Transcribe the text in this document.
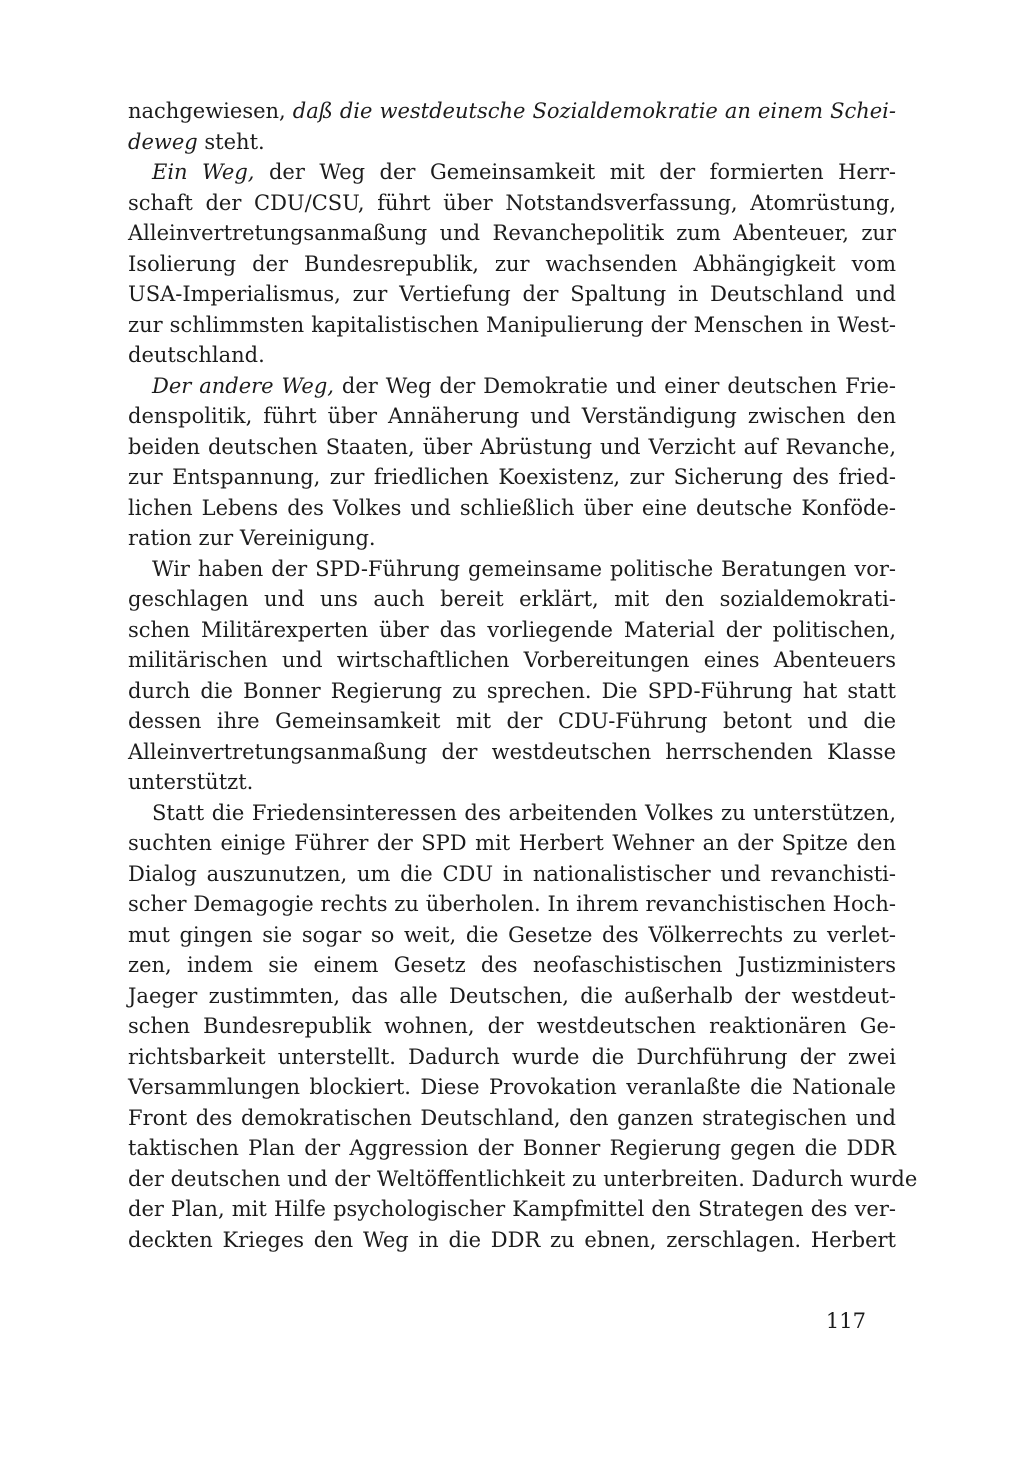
nachgewiesen, daß die westdeutsche Sozialdemokratie an einem Schei-
deweg steht.
Ein Weg, der Weg der Gemeinsamkeit mit der formierten Herr-
schaft der CDU/CSU, führt über Notstandsverfassung, Atomrüstung,
Alleinvertretungsanmaßung und Revanchepolitik zum Abenteuer, zur
Isolierung der Bundesrepublik, zur wachsenden Abhängigkeit vom
USA-Imperialismus, zur Vertiefung der Spaltung in Deutschland und
zur schlimmsten kapitalistischen Manipulierung der Menschen in West-
deutschland.
Der andere Weg, der Weg der Demokratie und einer deutschen Frie-
denspolitik, führt über Annäherung und Verständigung zwischen den
beiden deutschen Staaten, über Abrüstung und Verzicht auf Revanche,
zur Entspannung, zur friedlichen Koexistenz, zur Sicherung des fried-
lichen Lebens des Volkes und schließlich über eine deutsche Konföde-
ration zur Vereinigung.
Wir haben der SPD-Führung gemeinsame politische Beratungen vor-
geschlagen und uns auch bereit erklärt, mit den sozialdemokrati-
schen Militärexperten über das vorliegende Material der politischen,
militärischen und wirtschaftlichen Vorbereitungen eines Abenteuers
durch die Bonner Regierung zu sprechen. Die SPD-Führung hat statt
dessen ihre Gemeinsamkeit mit der CDU-Führung betont und die
Alleinvertretungsanmaßung der westdeutschen herrschenden Klasse
unterstützt.
Statt die Friedensinteressen des arbeitenden Volkes zu unterstützen,
suchten einige Führer der SPD mit Herbert Wehner an der Spitze den
Dialog auszunutzen, um die CDU in nationalistischer und revanchisti-
scher Demagogie rechts zu überholen. In ihrem revanchistischen Hoch-
mut gingen sie sogar so weit, die Gesetze des Völkerrechts zu verlet-
zen, indem sie einem Gesetz des neofaschistischen Justizministers
Jaeger zustimmten, das alle Deutschen, die außerhalb der westdeut-
schen Bundesrepublik wohnen, der westdeutschen reaktionären Ge-
richtsbarkeit unterstellt. Dadurch wurde die Durchführung der zwei
Versammlungen blockiert. Diese Provokation veranlaßte die Nationale
Front des demokratischen Deutschland, den ganzen strategischen und
taktischen Plan der Aggression der Bonner Regierung gegen die DDR
der deutschen und der Weltöffentlichkeit zu unterbreiten. Dadurch wurde
der Plan, mit Hilfe psychologischer Kampfmittel den Strategen des ver-
deckten Krieges den Weg in die DDR zu ebnen, zerschlagen. Herbert
117
